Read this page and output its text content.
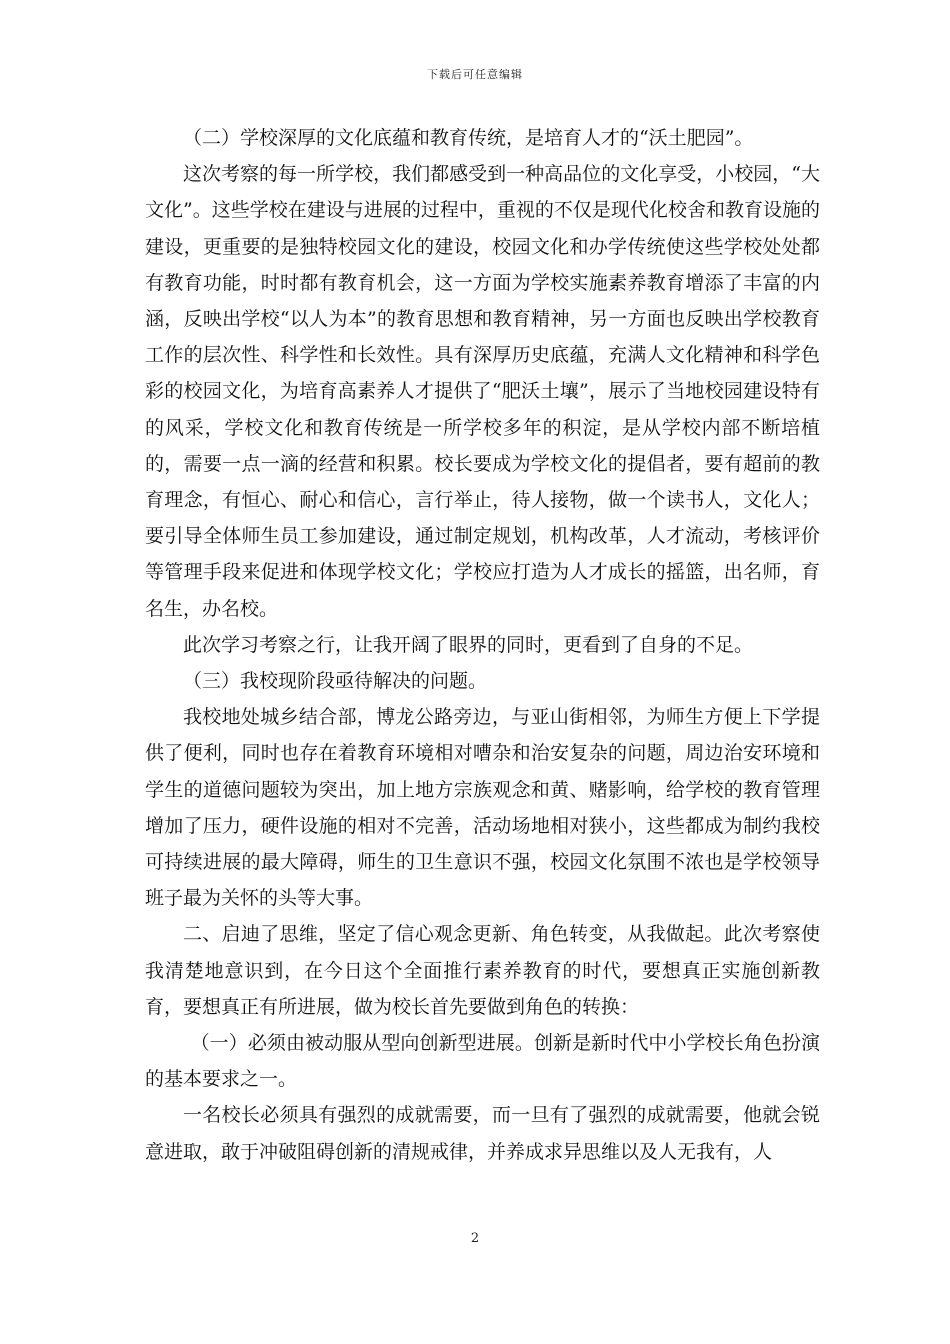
下载后可任意编辑

（二）学校深厚的文化底蕴和教育传统，是培育人才的“沃土肥园”。

这次考察的每一所学校，我们都感受到一种高品位的文化享受，小校园，“大文化”。这些学校在建设与进展的过程中，重视的不仅是现代化校舍和教育设施的建设，更重要的是独特校园文化的建设，校园文化和办学传统使这些学校处处都有教育功能，时时都有教育机会，这一方面为学校实施素养教育增添了丰富的内涵，反映出学校“以人为本”的教育思想和教育精神，另一方面也反映出学校教育工作的层次性、科学性和长效性。具有深厚历史底蕴，充满人文化精神和科学色彩的校园文化，为培育高素养人才提供了“肥沃土壤”，展示了当地校园建设特有的风采，学校文化和教育传统是一所学校多年的积淀，是从学校内部不断培植的，需要一点一滴的经营和积累。校长要成为学校文化的提倡者，要有超前的教育理念，有恒心、耐心和信心，言行举止，待人接物，做一个读书人，文化人；要引导全体师生员工参加建设，通过制定规划，机构改革，人才流动，考核评价等管理手段来促进和体现学校文化；学校应打造为人才成长的摇篮，出名师，育名生，办名校。

此次学习考察之行，让我开阔了眼界的同时，更看到了自身的不足。

（三）我校现阶段亟待解决的问题。

我校地处城乡结合部，博龙公路旁边，与亚山街相邻，为师生方便上下学提供了便利，同时也存在着教育环境相对嘈杂和治安复杂的问题，周边治安环境和学生的道德问题较为突出，加上地方宗族观念和黄、赌影响，给学校的教育管理增加了压力，硬件设施的相对不完善，活动场地相对狭小，这些都成为制约我校可持续进展的最大障碍，师生的卫生意识不强，校园文化氛围不浓也是学校领导班子最为关怀的头等大事。

二、启迪了思维，坚定了信心观念更新、角色转变，从我做起。此次考察使我清楚地意识到，在今日这个全面推行素养教育的时代，要想真正实施创新教育，要想真正有所进展，做为校长首先要做到角色的转换：

（一）必须由被动服从型向创新型进展。创新是新时代中小学校长角色扮演的基本要求之一。

一名校长必须具有强烈的成就需要，而一旦有了强烈的成就需要，他就会锐意进取，敢于冲破阻碍创新的清规戒律，并养成求异思维以及人无我有，人

2
